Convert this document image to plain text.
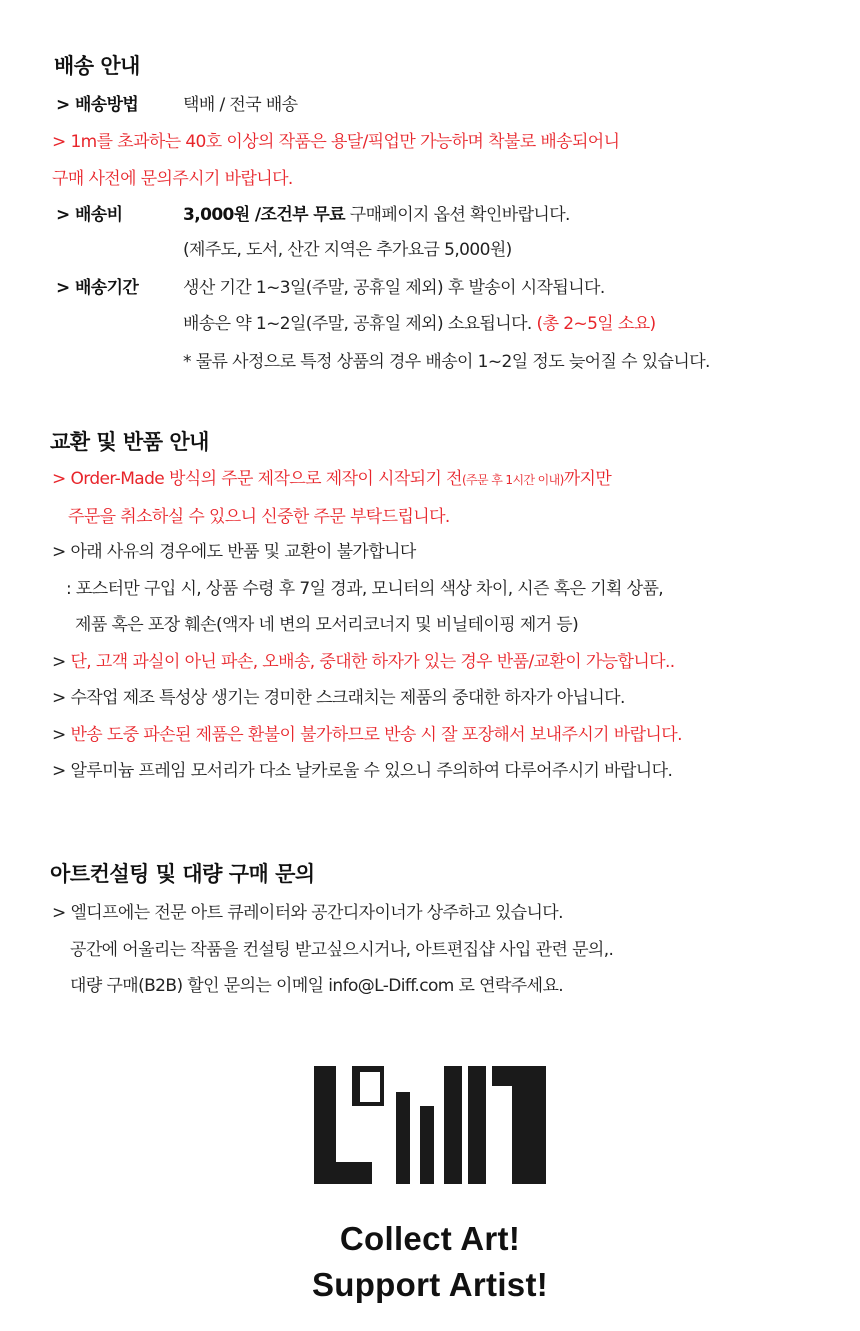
배송 안내
> 배송방법	택배 / 전국 배송
> 1m를 초과하는 40호 이상의 작품은 용달/픽업만 가능하며 착불로 배송되어니
구매 사전에 문의주시기 바랍니다.
> 배송비	3,000원 /조건부 무료 구매페이지 옵션 확인바랍니다.
(제주도, 도서, 산간 지역은 추가요금 5,000원)
> 배송기간	생산 기간 1~3일(주말, 공휴일 제외) 후 발송이 시작됩니다.
배송은 약 1~2일(주말, 공휴일 제외) 소요됩니다. (총 2~5일 소요)
* 물류 사정으로 특정 상품의 경우 배송이 1~2일 정도 늦어질 수 있습니다.
교환 및 반품 안내
> Order-Made 방식의 주문 제작으로 제작이 시작되기 전(주문 후 1시간 이내)까지만
주문을 취소하실 수 있으니 신중한 주문 부탁드립니다.
> 아래 사유의 경우에도 반품 및 교환이 불가합니다
: 포스터만 구입 시, 상품 수령 후 7일 경과, 모니터의 색상 차이, 시즌 혹은 기획 상품,
제품 혹은 포장 훼손(액자 네 변의 모서리코너지 및 비닐테이핑 제거 등)
> 단, 고객 과실이 아닌 파손, 오배송, 중대한 하자가 있는 경우 반품/교환이 가능합니다..
> 수작업 제조 특성상 생기는 경미한 스크래치는 제품의 중대한 하자가 아닙니다.
> 반송 도중 파손된 제품은 환불이 불가하므로 반송 시 잘 포장해서 보내주시기 바랍니다.
> 알루미늄 프레임 모서리가 다소 날카로울 수 있으니 주의하여 다루어주시기 바랍니다.
아트컨설팅 및 대량 구매 문의
> 엘디프에는 전문 아트 큐레이터와 공간디자이너가 상주하고 있습니다.
공간에 어울리는 작품을 컨설팅 받고싶으시거나, 아트편집샵 사입 관련 문의,.
대량 구매(B2B) 할인 문의는 이메일 info@L-Diff.com 로 연락주세요.
Collect Art!
Support Artist!
